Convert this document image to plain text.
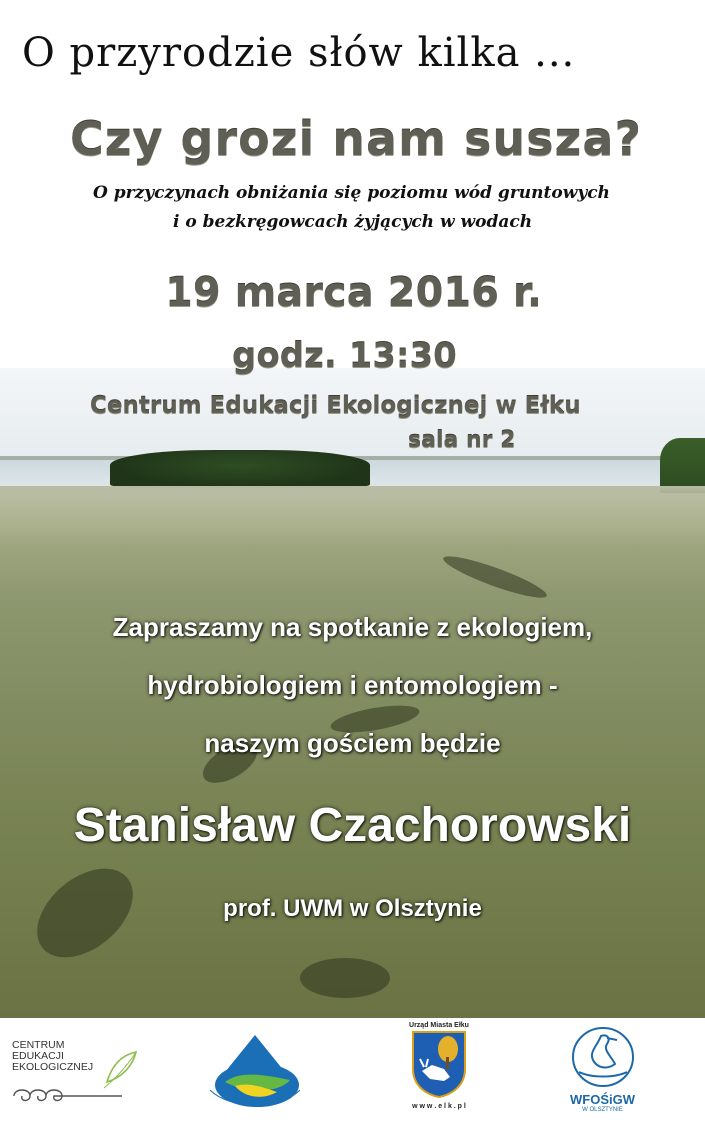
O przyrodzie słów kilka ...
Czy grozi nam susza?
O przyczynach obniżania się poziomu wód gruntowych
i o bezkręgowcach żyjących w wodach
19 marca 2016 r.
godz. 13:30
Centrum Edukacji Ekologicznej w Ełku
sala nr 2
Zapraszamy na spotkanie z ekologiem,
hydrobiologiem i entomologiem -
naszym gościem będzie
Stanisław Czachorowski
prof. UWM w Olsztynie
CENTRUM
EDUKACJI
EKOLOGICZNEJ
Urząd Miasta Ełku
w w w . e l k . p l	WFOŚiGW
W OLSZTYNIE
